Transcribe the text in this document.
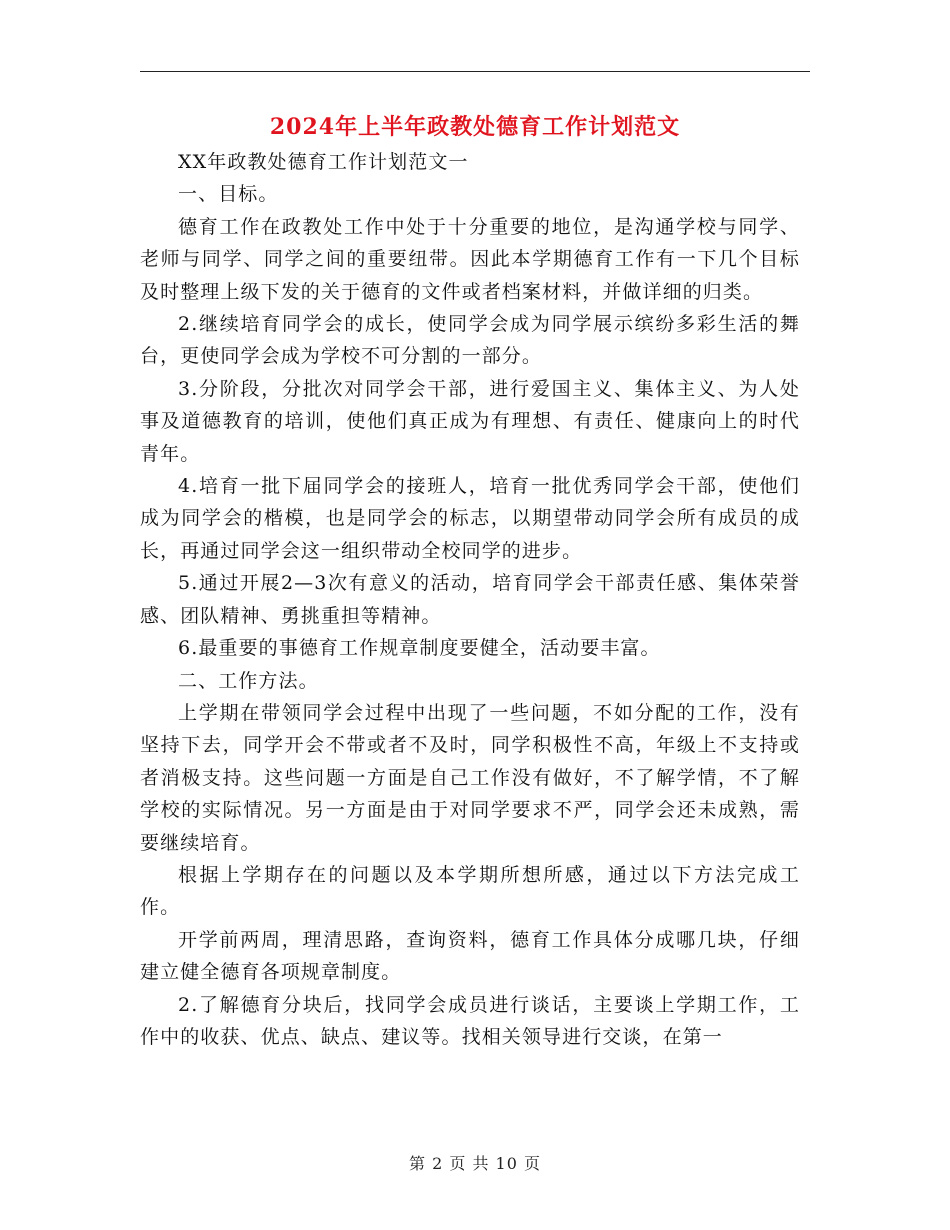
2024年上半年政教处德育工作计划范文

XX年政教处德育工作计划范文一

一、目标。

德育工作在政教处工作中处于十分重要的地位，是沟通学校与同学、老师与同学、同学之间的重要纽带。因此本学期德育工作有一下几个目标及时整理上级下发的关于德育的文件或者档案材料，并做详细的归类。

2.继续培育同学会的成长，使同学会成为同学展示缤纷多彩生活的舞台，更使同学会成为学校不可分割的一部分。

3.分阶段，分批次对同学会干部，进行爱国主义、集体主义、为人处事及道德教育的培训，使他们真正成为有理想、有责任、健康向上的时代青年。

4.培育一批下届同学会的接班人，培育一批优秀同学会干部，使他们成为同学会的楷模，也是同学会的标志，以期望带动同学会所有成员的成长，再通过同学会这一组织带动全校同学的进步。

5.通过开展2—3次有意义的活动，培育同学会干部责任感、集体荣誉感、团队精神、勇挑重担等精神。

6.最重要的事德育工作规章制度要健全，活动要丰富。

二、工作方法。

上学期在带领同学会过程中出现了一些问题，不如分配的工作，没有坚持下去，同学开会不带或者不及时，同学积极性不高，年级上不支持或者消极支持。这些问题一方面是自己工作没有做好，不了解学情，不了解学校的实际情况。另一方面是由于对同学要求不严，同学会还未成熟，需要继续培育。

根据上学期存在的问题以及本学期所想所感，通过以下方法完成工作。

开学前两周，理清思路，查询资料，德育工作具体分成哪几块，仔细建立健全德育各项规章制度。

2.了解德育分块后，找同学会成员进行谈话，主要谈上学期工作，工作中的收获、优点、缺点、建议等。找相关领导进行交谈，在第一

第 2 页 共 10 页
